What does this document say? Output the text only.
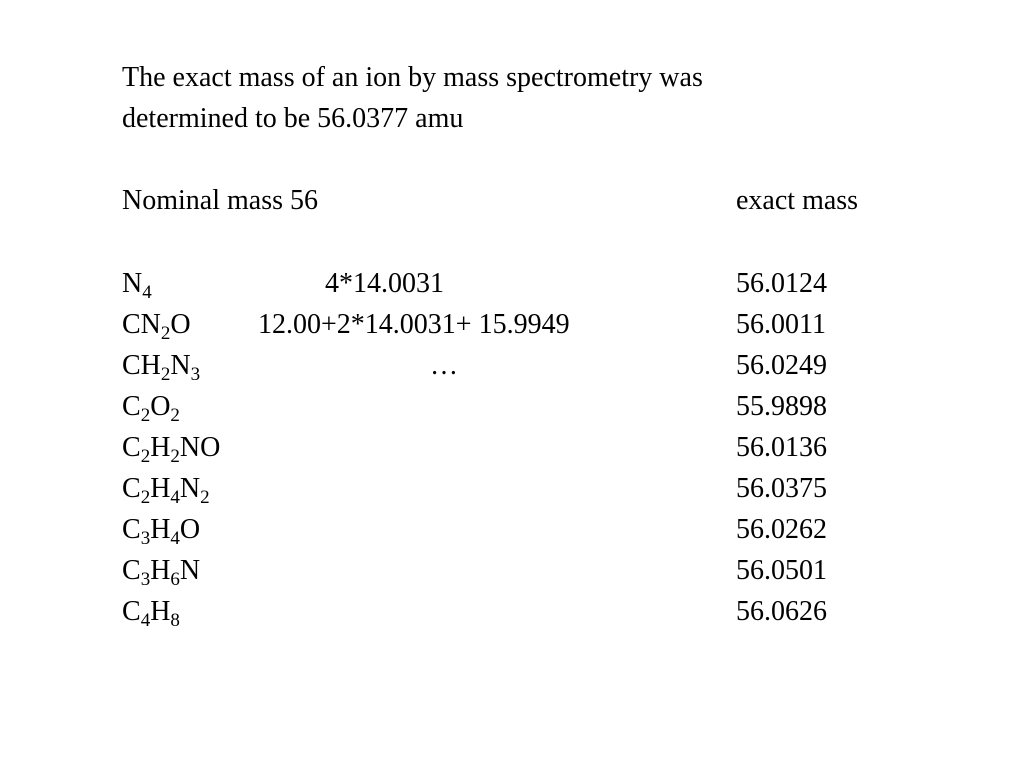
The exact mass of an ion by mass spectrometry was
determined to be 56.0377 amu
Nominal mass 56	exact mass
$N_4$	4*14.0031	56.0124
$CN_2O$ 12.00+2*14.0031+ 15.9949	56.0011
$CH_2N_3$	…	56.0249
$C_2O_2$	55.9898
$C_2H_2NO$	56.0136
$C_2H_4N_2$	56.0375
$C_3H_4O$	56.0262
$C_3H_6N$	56.0501
$C_4H_8$	56.0626
